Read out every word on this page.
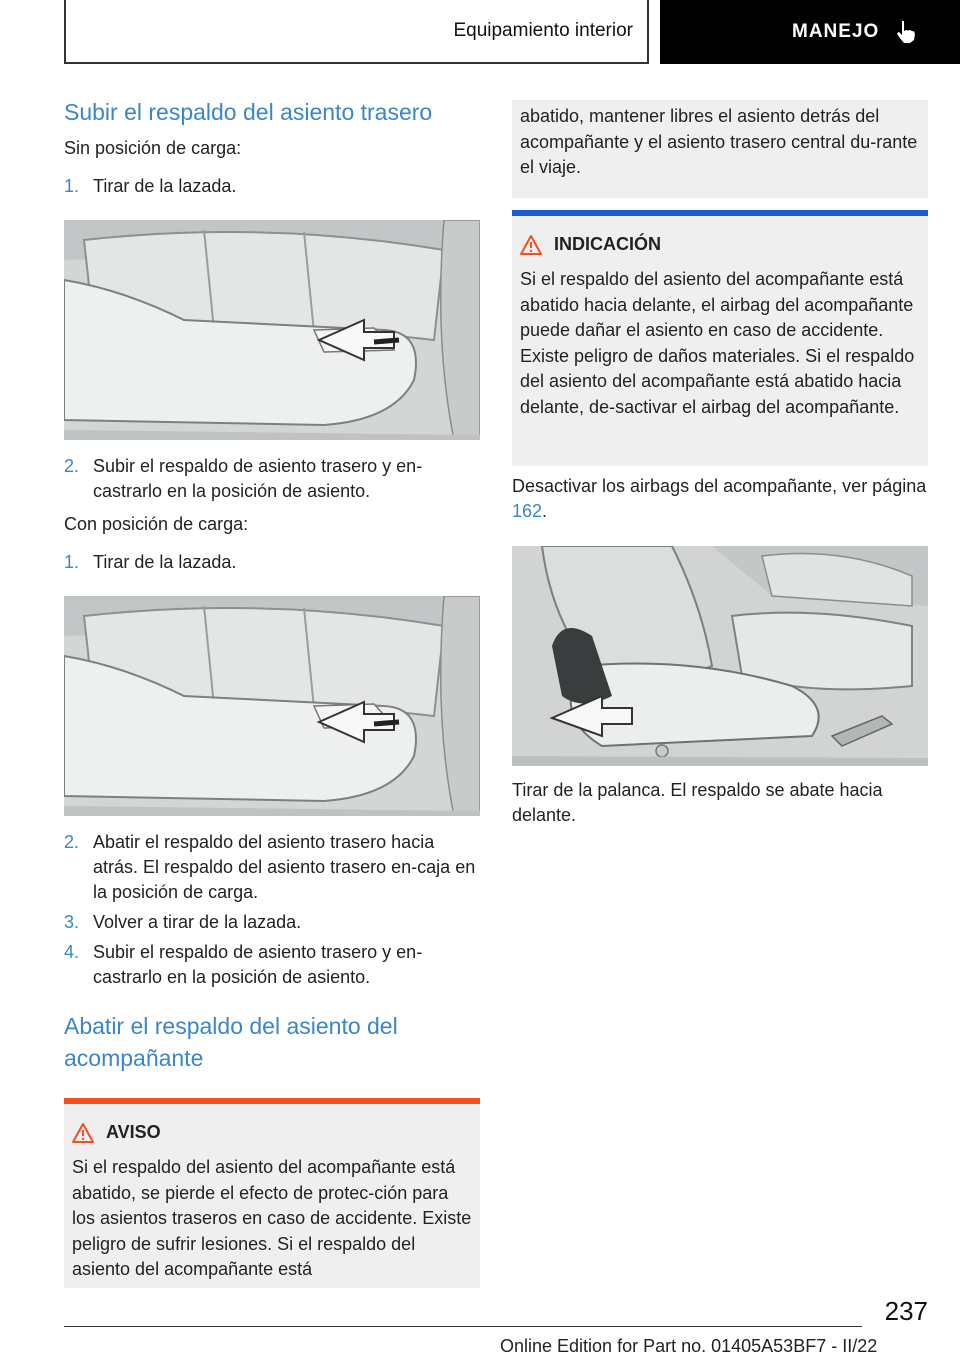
Equipamiento interior	MANEJO
Subir el respaldo del asiento trasero

Sin posición de carga:

1. Tirar de la lazada.
2. Subir el respaldo de asiento trasero y en-castrarlo en la posición de asiento.

Con posición de carga:

1. Tirar de la lazada.
2. Abatir el respaldo del asiento trasero hacia atrás. El respaldo del asiento trasero en-caja en la posición de carga.
3. Volver a tirar de la lazada.
4. Subir el respaldo de asiento trasero y en-castrarlo en la posición de asiento.
Abatir el respaldo del asiento del acompañante
AVISO
Si el respaldo del asiento del acompañante está abatido, se pierde el efecto de protec-ción para los asientos traseros en caso de accidente. Existe peligro de sufrir lesiones. Si el respaldo del asiento del acompañante está
abatido, mantener libres el asiento detrás del acompañante y el asiento trasero central du-rante el viaje.
INDICACIÓN
Si el respaldo del asiento del acompañante está abatido hacia delante, el airbag del acompañante puede dañar el asiento en caso de accidente. Existe peligro de daños materiales. Si el respaldo del asiento del acompañante está abatido hacia delante, de-sactivar el airbag del acompañante.

Desactivar los airbags del acompañante, ver página 162.

Tirar de la palanca. El respaldo se abate hacia delante.

237
Online Edition for Part no. 01405A53BF7 - II/22
